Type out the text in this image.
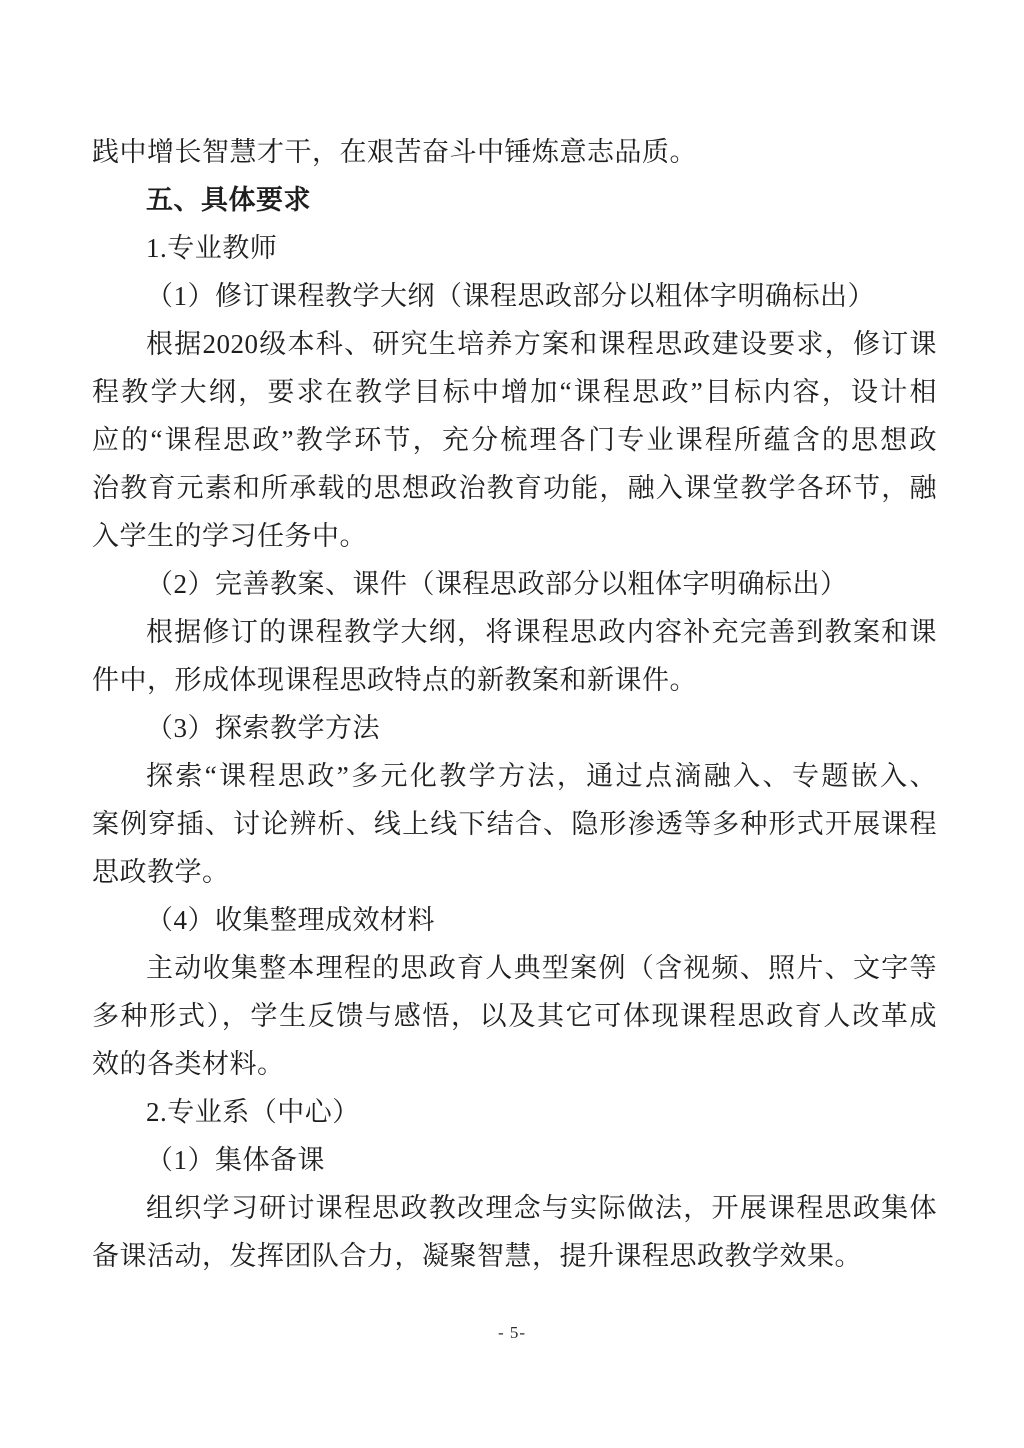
践中增长智慧才干，在艰苦奋斗中锤炼意志品质。
五、具体要求
1.专业教师
（1）修订课程教学大纲（课程思政部分以粗体字明确标出）
根据2020级本科、研究生培养方案和课程思政建设要求，修订课
程教学大纲，要求在教学目标中增加“课程思政”目标内容，设计相
应的“课程思政”教学环节，充分梳理各门专业课程所蕴含的思想政
治教育元素和所承载的思想政治教育功能，融入课堂教学各环节，融
入学生的学习任务中。
（2）完善教案、课件（课程思政部分以粗体字明确标出）
根据修订的课程教学大纲，将课程思政内容补充完善到教案和课
件中，形成体现课程思政特点的新教案和新课件。
（3）探索教学方法
探索“课程思政”多元化教学方法，通过点滴融入、专题嵌入、
案例穿插、讨论辨析、线上线下结合、隐形渗透等多种形式开展课程
思政教学。
（4）收集整理成效材料
主动收集整本理程的思政育人典型案例（含视频、照片、文字等
多种形式），学生反馈与感悟，以及其它可体现课程思政育人改革成
效的各类材料。
2.专业系（中心）
（1）集体备课
组织学习研讨课程思政教改理念与实际做法，开展课程思政集体
备课活动，发挥团队合力，凝聚智慧，提升课程思政教学效果。
- 5-
